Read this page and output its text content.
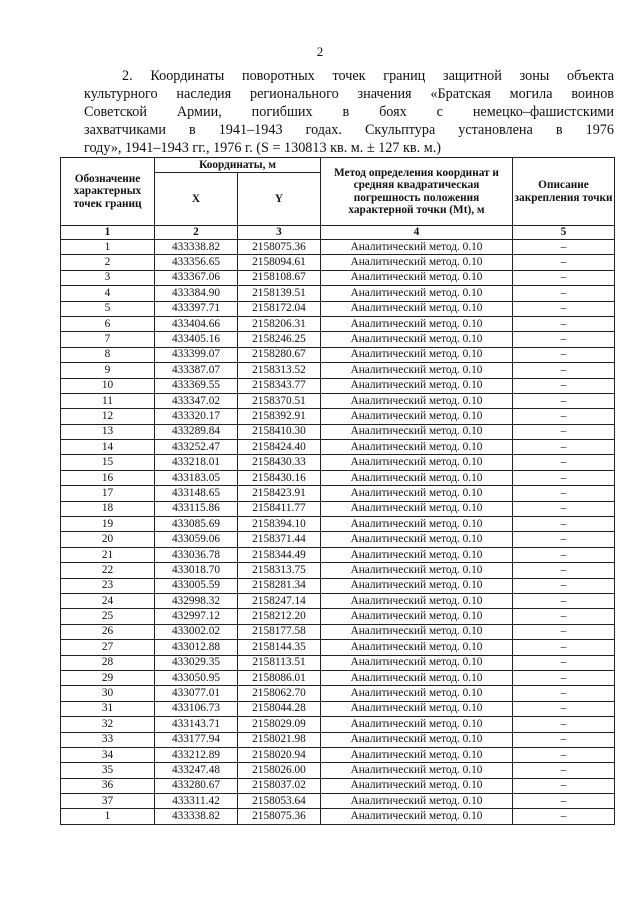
2

2. Координаты поворотных точек границ защитной зоны объекта
культурного наследия регионального значения «Братская могила воинов
Советской Армии, погибших в боях с немецко–фашистскими
захватчиками в 1941–1943 годах. Скульптура установлена в 1976
году», 1941–1943 гг., 1976 г. (S = 130813 кв. м. ± 127 кв. м.)

Обозначение характерных точек границ	Координаты, м		Метод определения координат и средняя квадратическая погрешность положения характерной точки (Mt), м	Описание закрепления точки
	X	Y		
1	2	3	4	5
1	433338.82	2158075.36	Аналитический метод. 0.10	–
2	433356.65	2158094.61	Аналитический метод. 0.10	–
3	433367.06	2158108.67	Аналитический метод. 0.10	–
4	433384.90	2158139.51	Аналитический метод. 0.10	–
5	433397.71	2158172.04	Аналитический метод. 0.10	–
6	433404.66	2158206.31	Аналитический метод. 0.10	–
7	433405.16	2158246.25	Аналитический метод. 0.10	–
8	433399.07	2158280.67	Аналитический метод. 0.10	–
9	433387.07	2158313.52	Аналитический метод. 0.10	–
10	433369.55	2158343.77	Аналитический метод. 0.10	–
11	433347.02	2158370.51	Аналитический метод. 0.10	–
12	433320.17	2158392.91	Аналитический метод. 0.10	–
13	433289.84	2158410.30	Аналитический метод. 0.10	–
14	433252.47	2158424.40	Аналитический метод. 0.10	–
15	433218.01	2158430.33	Аналитический метод. 0.10	–
16	433183.05	2158430.16	Аналитический метод. 0.10	–
17	433148.65	2158423.91	Аналитический метод. 0.10	–
18	433115.86	2158411.77	Аналитический метод. 0.10	–
19	433085.69	2158394.10	Аналитический метод. 0.10	–
20	433059.06	2158371.44	Аналитический метод. 0.10	–
21	433036.78	2158344.49	Аналитический метод. 0.10	–
22	433018.70	2158313.75	Аналитический метод. 0.10	–
23	433005.59	2158281.34	Аналитический метод. 0.10	–
24	432998.32	2158247.14	Аналитический метод. 0.10	–
25	432997.12	2158212.20	Аналитический метод. 0.10	–
26	433002.02	2158177.58	Аналитический метод. 0.10	–
27	433012.88	2158144.35	Аналитический метод. 0.10	–
28	433029.35	2158113.51	Аналитический метод. 0.10	–
29	433050.95	2158086.01	Аналитический метод. 0.10	–
30	433077.01	2158062.70	Аналитический метод. 0.10	–
31	433106.73	2158044.28	Аналитический метод. 0.10	–
32	433143.71	2158029.09	Аналитический метод. 0.10	–
33	433177.94	2158021.98	Аналитический метод. 0.10	–
34	433212.89	2158020.94	Аналитический метод. 0.10	–
35	433247.48	2158026.00	Аналитический метод. 0.10	–
36	433280.67	2158037.02	Аналитический метод. 0.10	–
37	433311.42	2158053.64	Аналитический метод. 0.10	–
1	433338.82	2158075.36	Аналитический метод. 0.10	–
